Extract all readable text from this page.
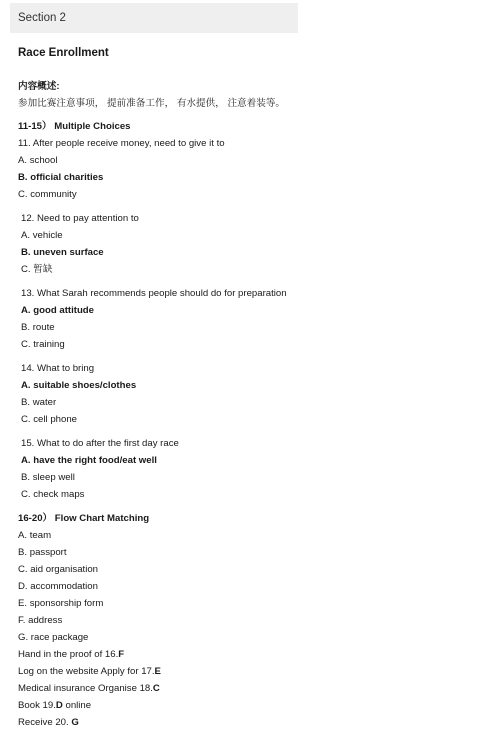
Section 2
Race Enrollment
内容概述:
参加比赛注意事项， 提前准备工作， 有水提供， 注意着装等。
11-15） Multiple Choices
11. After people receive money, need to give it to
A. school
B. official charities
C. community
12. Need to pay attention to
A. vehicle
B. uneven surface
C. 暂缺
13. What Sarah recommends people should do for preparation
A. good attitude
B. route
C. training
14. What to bring
A. suitable shoes/clothes
B. water
C. cell phone
15. What to do after the first day race
A. have the right food/eat well
B. sleep well
C. check maps
16-20） Flow Chart Matching
A. team
B. passport
C. aid organisation
D. accommodation
E. sponsorship form
F. address
G. race package
Hand in the proof of 16.F
Log on the website Apply for 17.E
Medical insurance Organise 18.C
Book 19.D online
Receive 20. G
